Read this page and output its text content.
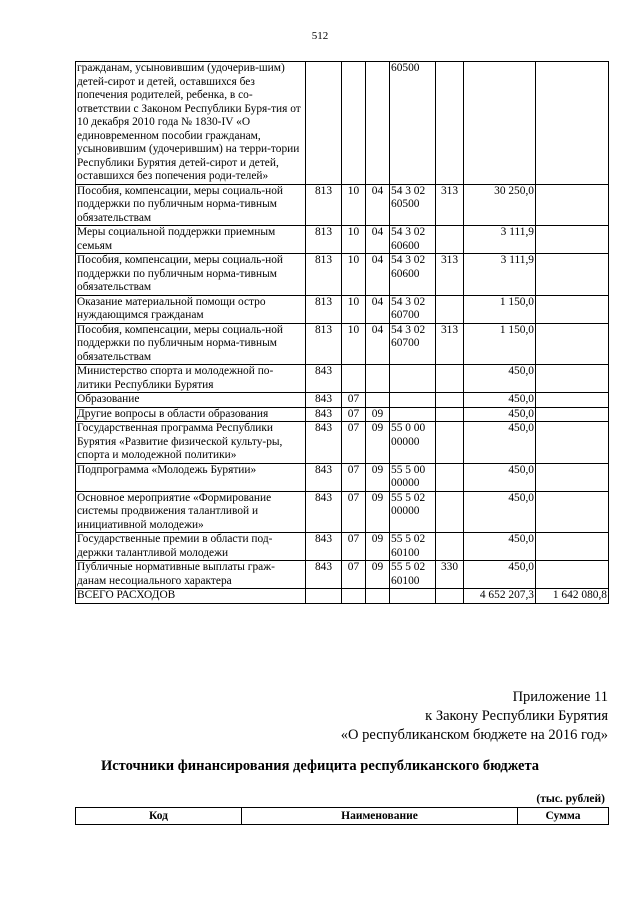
512
гражданам, усыновившим (удочерив-шим) детей-сирот и детей, оставшихся без попечения родителей, ребенка, в со-ответствии с Законом Республики Буря-тия от 10 декабря 2010 года № 1830-IV «О единовременном пособии гражданам, усыновившим (удочерившим) на терри-тории Республики Бурятия детей-сирот и детей, оставшихся без попечения роди-телей»				60500			
Пособия, компенсации, меры социаль-ной поддержки по публичным норма-тивным обязательствам	813	10	04	54 3 02 60500	313	30 250,0	
Меры социальной поддержки приемным семьям	813	10	04	54 3 02 60600		3 111,9	
Пособия, компенсации, меры социаль-ной поддержки по публичным норма-тивным обязательствам	813	10	04	54 3 02 60600	313	3 111,9	
Оказание материальной помощи остро нуждающимся гражданам	813	10	04	54 3 02 60700		1 150,0	
Пособия, компенсации, меры социаль-ной поддержки по публичным норма-тивным обязательствам	813	10	04	54 3 02 60700	313	1 150,0	
Министерство спорта и молодежной по-литики Республики Бурятия	843					450,0	
Образование	843	07				450,0	
Другие вопросы в области образования	843	07	09			450,0	
Государственная программа Республики Бурятия «Развитие физической культу-ры, спорта и молодежной политики»	843	07	09	55 0 00 00000		450,0	
Подпрограмма «Молодежь Бурятии»	843	07	09	55 5 00 00000		450,0	
Основное мероприятие «Формирование системы продвижения талантливой и инициативной молодежи»	843	07	09	55 5 02 00000		450,0	
Государственные премии в области под-держки талантливой молодежи	843	07	09	55 5 02 60100		450,0	
Публичные нормативные выплаты граж-данам несоциального характера	843	07	09	55 5 02 60100	330	450,0	
ВСЕГО РАСХОДОВ						4 652 207,3	1 642 080,8
Приложение 11
к Закону Республики Бурятия
«О республиканском бюджете на 2016 год»
Источники финансирования дефицита республиканского бюджета
(тыс. рублей)
Код	Наименование	Сумма
